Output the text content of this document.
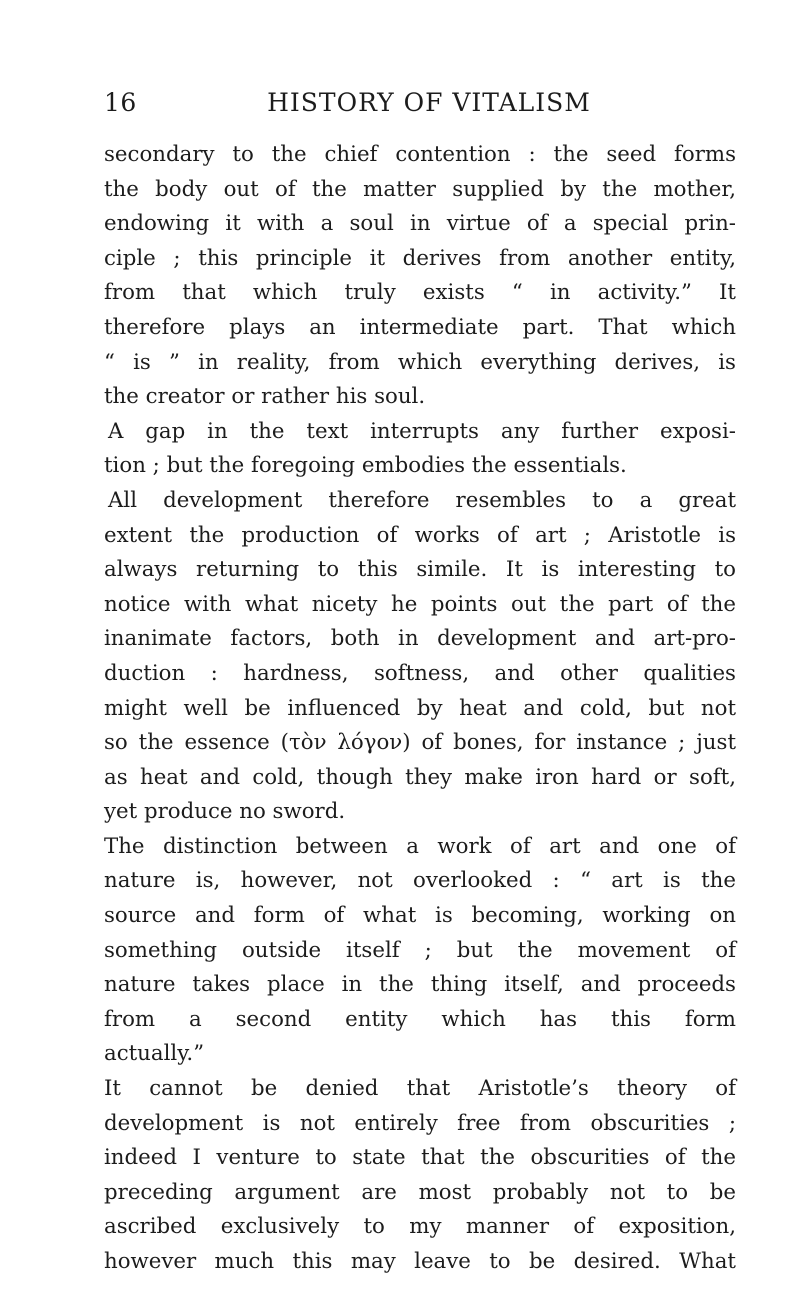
16	HISTORY OF VITALISM
secondary to the chief contention : the seed forms
the body out of the matter supplied by the mother,
endowing it with a soul in virtue of a special prin-
ciple ; this principle it derives from another entity,
from that which truly exists “ in activity.” It
therefore plays an intermediate part. That which
“ is ” in reality, from which everything derives, is
the creator or rather his soul.
A gap in the text interrupts any further exposi-
tion ; but the foregoing embodies the essentials.
All development therefore resembles to a great
extent the production of works of art ; Aristotle is
always returning to this simile. It is interesting to
notice with what nicety he points out the part of the
inanimate factors, both in development and art-pro-
duction : hardness, softness, and other qualities
might well be influenced by heat and cold, but not
so the essence (τὸν λόγον) of bones, for instance ; just
as heat and cold, though they make iron hard or soft,
yet produce no sword.
The distinction between a work of art and one of
nature is, however, not overlooked : “ art is the
source and form of what is becoming, working on
something outside itself ; but the movement of
nature takes place in the thing itself, and proceeds
from a second entity which has this form
actually.”
It cannot be denied that Aristotle’s theory of
development is not entirely free from obscurities ;
indeed I venture to state that the obscurities of the
preceding argument are most probably not to be
ascribed exclusively to my manner of exposition,
however much this may leave to be desired. What
